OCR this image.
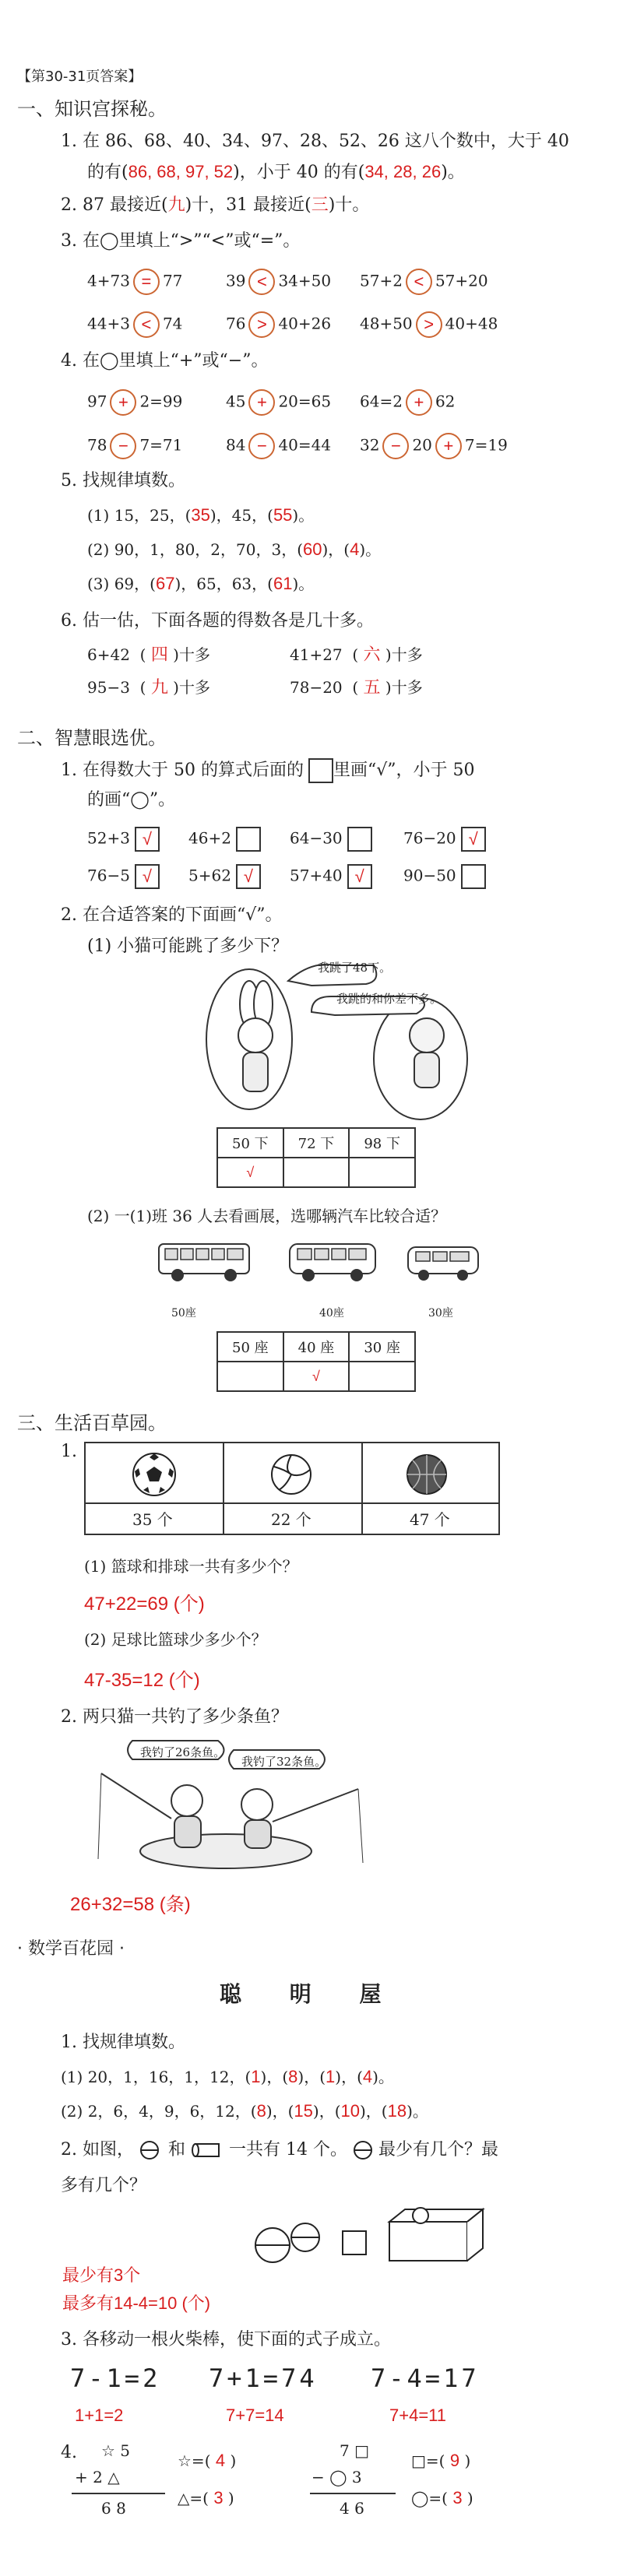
【第30-31页答案】
一、知识宫探秘。
1. 在 86、68、40、34、97、28、52、26 这八个数中，大于 40
的有(86, 68, 97, 52)，小于 40 的有(34, 28, 26)。
2. 87 最接近(九)十，31 最接近(三)十。
3. 在◯里填上“>”“<”或“=”。
4+73 = 77	39 < 34+50 57+2 < 57+20
44+3 < 74	76 > 40+26 48+50 > 40+48
4. 在◯里填上“+”或“−”。
97 + 2=99	45 + 20=65 64=2 + 62
78 − 7=71	84 − 40=44 32 − 20 + 7=19
5. 找规律填数。
(1) 15，25，(35)，45，(55)。
(2) 90，1，80，2，70，3，(60)，(4)。
(3) 69，(67)，65，63，(61)。
6. 估一估，下面各题的得数各是几十多。
6+42  ( 四 )十多	41+27  ( 六 )十多
95−3  ( 九 )十多	78−20  ( 五 )十多
二、智慧眼选优。
1. 在得数大于 50 的算式后面的 里画“√”，小于 50
的画“◯”。
52+3 √	46+2	64−30	76−20 √
76−5 √	5+62 √	57+40 √	90−50
2. 在合适答案的下面画“√”。
(1) 小猫可能跳了多少下？
我跳了48下。
我跳的和你差不多。
50 下	72 下	98 下
√		
(2) 一(1)班 36 人去看画展，选哪辆汽车比较合适？
50座	40座	30座
50 座	40 座	30 座
	√	
三、生活百草园。
1.
35 个	22 个	47 个
(1) 篮球和排球一共有多少个？
47+22=69 (个)
(2) 足球比篮球少多少个？
47-35=12 (个)
2. 两只猫一共钓了多少条鱼？
我钓了26条鱼。
我钓了32条鱼。
26+32=58 (条)
· 数学百花园 ·
聪 明 屋
1. 找规律填数。
(1) 20，1，16，1，12，(1)，(8)，(1)，(4)。
(2) 2，6，4，9，6，12，(8)，(15)，(10)，(18)。
2. 如图， 和	一共有 14 个。 最少有几个？最
多有几个？
最少有3个
最多有14-4=10 (个)
3. 各移动一根火柴棒，使下面的式子成立。
7-1=2 7+1=74 7-4=17
1+1=2	7+7=14	7+4=11
4. ☆ 5
+ 2 △
6 8
☆=( 4 )
△=( 3 )
7 □
− ◯ 3
4 6
□=( 9 )
◯=( 3 )
